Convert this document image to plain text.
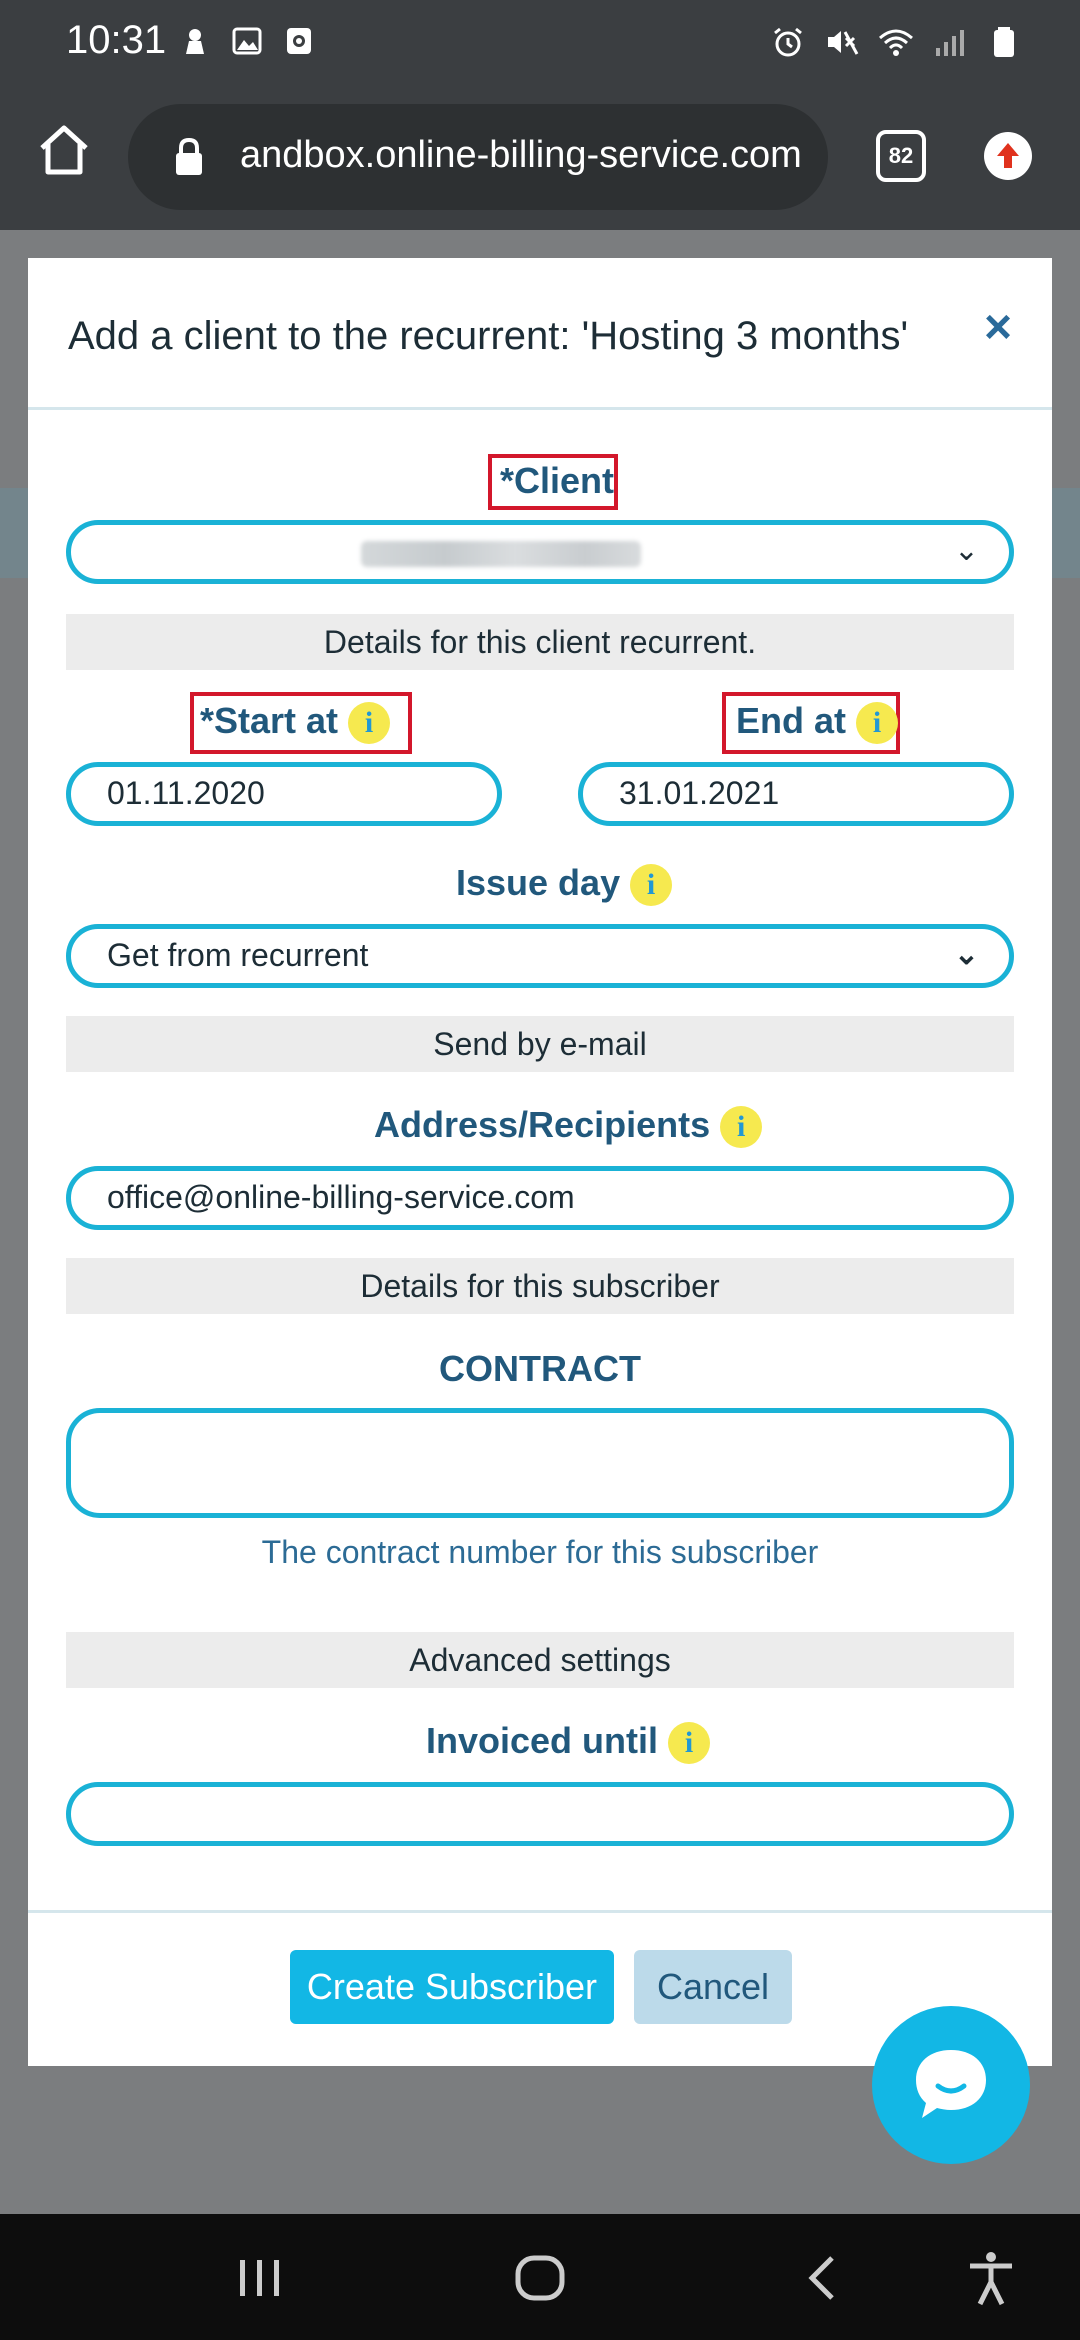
10:31
andbox.online-billing-service.com	82
Add a client to the recurrent: 'Hosting 3 months' ×
*Client
⌄
Details for this client recurrent.
*Start at i
01.11.2020
End at i
31.01.2021
Issue day i
Get from recurrent	⌄
Send by e-mail
Address/Recipients i
office@online-billing-service.com
Details for this subscriber
CONTRACT
The contract number for this subscriber
Advanced settings
Invoiced until i
Create Subscriber	Cancel
